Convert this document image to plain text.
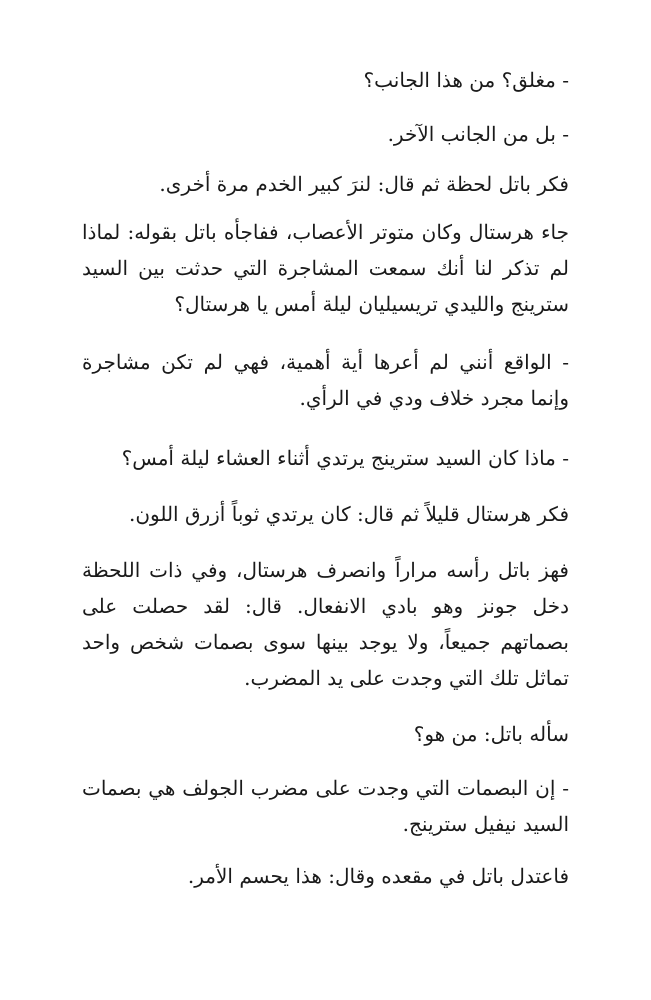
- مغلق؟ من هذا الجانب؟

- بل من الجانب الآخر.

فكر باتل لحظة ثم قال: لنرَ كبير الخدم مرة أخرى.

جاء هرستال وكان متوتر الأعصاب، ففاجأه باتل بقوله: لماذا لم تذكر لنا أنك سمعت المشاجرة التي حدثت بين السيد سترينج والليدي تريسيليان ليلة أمس يا هرستال؟

- الواقع أنني لم أعرها أية أهمية، فهي لم تكن مشاجرة وإنما مجرد خلاف ودي في الرأي.

- ماذا كان السيد سترينج يرتدي أثناء العشاء ليلة أمس؟

فكر هرستال قليلاً ثم قال: كان يرتدي ثوباً أزرق اللون.

فهز باتل رأسه مراراً وانصرف هرستال، وفي ذات اللحظة دخل جونز وهو بادي الانفعال. قال: لقد حصلت على بصماتهم جميعاً، ولا يوجد بينها سوى بصمات شخص واحد تماثل تلك التي وجدت على يد المضرب.

سأله باتل: من هو؟

- إن البصمات التي وجدت على مضرب الجولف هي بصمات السيد نيفيل سترينج.

فاعتدل باتل في مقعده وقال: هذا يحسم الأمر.
